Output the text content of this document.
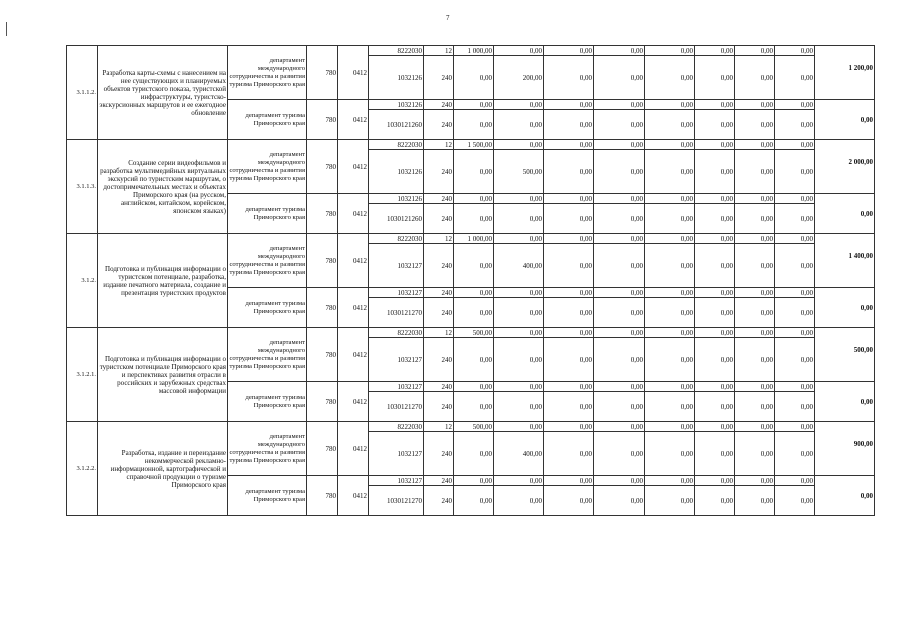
7
3.1.1.2.	Разработка карты-схемы с нанесением на нее существующих и планируемых объектов туристского показа, туристской инфраструктуры, туристско-экскурсионных маршрутов и ее ежегодное обновление	департамент международного сотрудничества и развития туризма Приморского края	780	0412	8222030	12	1 000,00	0,00	0,00	0,00	0,00	0,00	0,00	0,00	1 200,00
					1032126	240	0,00	200,00	0,00	0,00	0,00	0,00	0,00	0,00	
		департамент туризма Приморского края	780	0412	1032126	240	0,00	0,00	0,00	0,00	0,00	0,00	0,00	0,00	0,00
					1030121260	240	0,00	0,00	0,00	0,00	0,00	0,00	0,00	0,00	
3.1.1.3.	Создание серии видеофильмов и разработка мультимедийных виртуальных экскурсий по туристским маршрутам, о достопримечательных местах и объектах Приморского края (на русском, английском, китайском, корейском, японском языках)	департамент международного сотрудничества и развития туризма Приморского края	780	0412	8222030	12	1 500,00	0,00	0,00	0,00	0,00	0,00	0,00	0,00	2 000,00
					1032126	240	0,00	500,00	0,00	0,00	0,00	0,00	0,00	0,00	
		департамент туризма Приморского края	780	0412	1032126	240	0,00	0,00	0,00	0,00	0,00	0,00	0,00	0,00	0,00
					1030121260	240	0,00	0,00	0,00	0,00	0,00	0,00	0,00	0,00	
3.1.2.	Подготовка и публикация информации о туристском потенциале, разработка, издание печатного материала, создание и презентация туристских продуктов	департамент международного сотрудничества и развития туризма Приморского края	780	0412	8222030	12	1 000,00	0,00	0,00	0,00	0,00	0,00	0,00	0,00	1 400,00
					1032127	240	0,00	400,00	0,00	0,00	0,00	0,00	0,00	0,00	
		департамент туризма Приморского края	780	0412	1032127	240	0,00	0,00	0,00	0,00	0,00	0,00	0,00	0,00	0,00
					1030121270	240	0,00	0,00	0,00	0,00	0,00	0,00	0,00	0,00	
3.1.2.1.	Подготовка и публикация информации о туристском потенциале Приморского края и перспективах развития отрасли в российских и зарубежных средствах массовой информации	департамент международного сотрудничества и развития туризма Приморского края	780	0412	8222030	12	500,00	0,00	0,00	0,00	0,00	0,00	0,00	0,00	500,00
					1032127	240	0,00	0,00	0,00	0,00	0,00	0,00	0,00	0,00	
		департамент туризма Приморского края	780	0412	1032127	240	0,00	0,00	0,00	0,00	0,00	0,00	0,00	0,00	0,00
					1030121270	240	0,00	0,00	0,00	0,00	0,00	0,00	0,00	0,00	
3.1.2.2.	Разработка, издание и переиздание некоммерческой рекламно-информационной, картографической и справочной продукции о туризме Приморского края	департамент международного сотрудничества и развития туризма Приморского края	780	0412	8222030	12	500,00	0,00	0,00	0,00	0,00	0,00	0,00	0,00	900,00
					1032127	240	0,00	400,00	0,00	0,00	0,00	0,00	0,00	0,00	
		департамент туризма Приморского края	780	0412	1032127	240	0,00	0,00	0,00	0,00	0,00	0,00	0,00	0,00	0,00
					1030121270	240	0,00	0,00	0,00	0,00	0,00	0,00	0,00	0,00	
